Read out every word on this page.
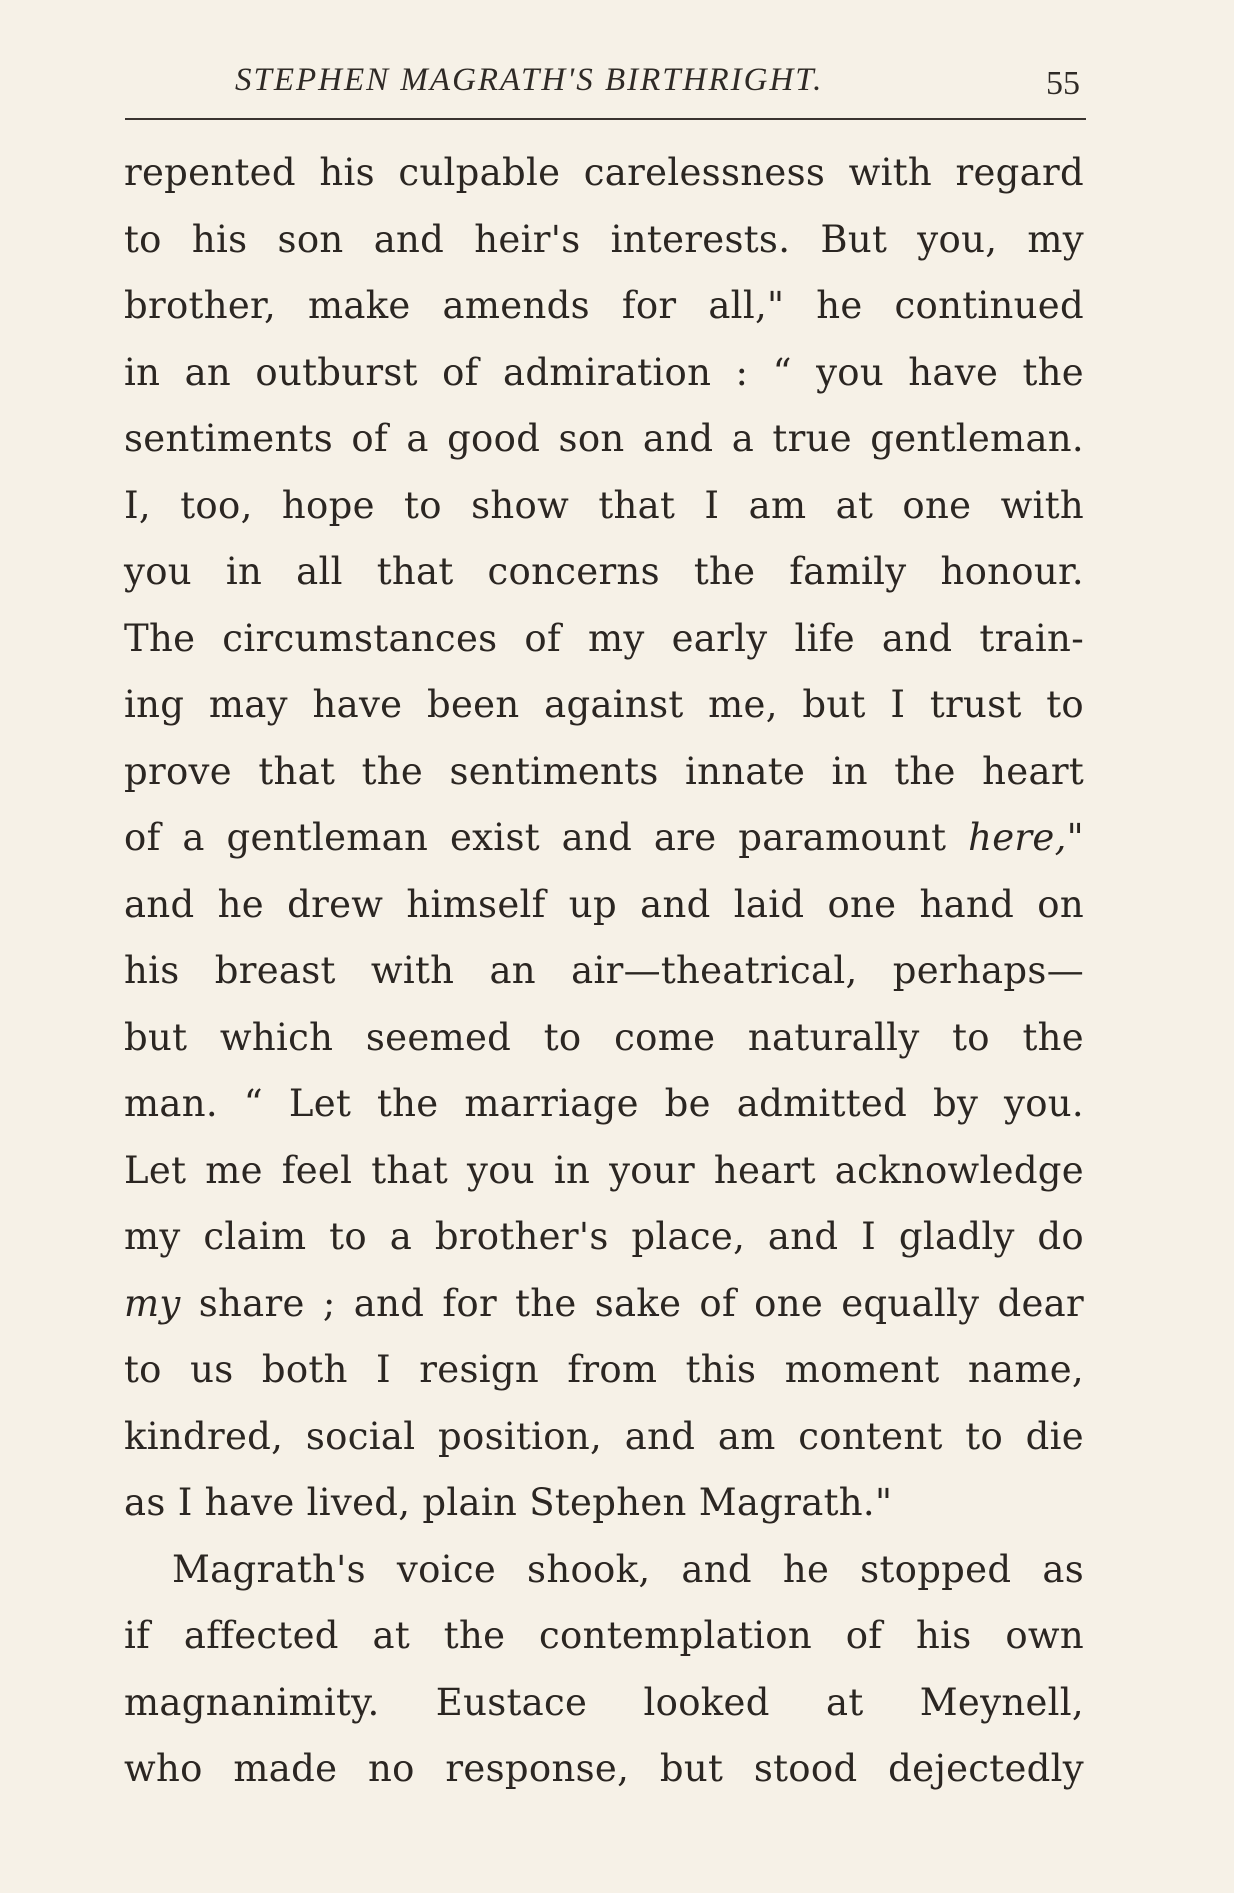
STEPHEN MAGRATH'S BIRTHRIGHT.	55
repented his culpable carelessness with regard
to his son and heir's interests. But you, my
brother, make amends for all," he continued
in an outburst of admiration : “ you have the
sentiments of a good son and a true gentleman.
I, too, hope to show that I am at one with
you in all that concerns the family honour.
The circumstances of my early life and train-
ing may have been against me, but I trust to
prove that the sentiments innate in the heart
of a gentleman exist and are paramount here,"
and he drew himself up and laid one hand on
his breast with an air—theatrical, perhaps—
but which seemed to come naturally to the
man. “ Let the marriage be admitted by you.
Let me feel that you in your heart acknowledge
my claim to a brother's place, and I gladly do
my share ; and for the sake of one equally dear
to us both I resign from this moment name,
kindred, social position, and am content to die
as I have lived, plain Stephen Magrath."
Magrath's voice shook, and he stopped as
if affected at the contemplation of his own
magnanimity. Eustace looked at Meynell,
who made no response, but stood dejectedly
